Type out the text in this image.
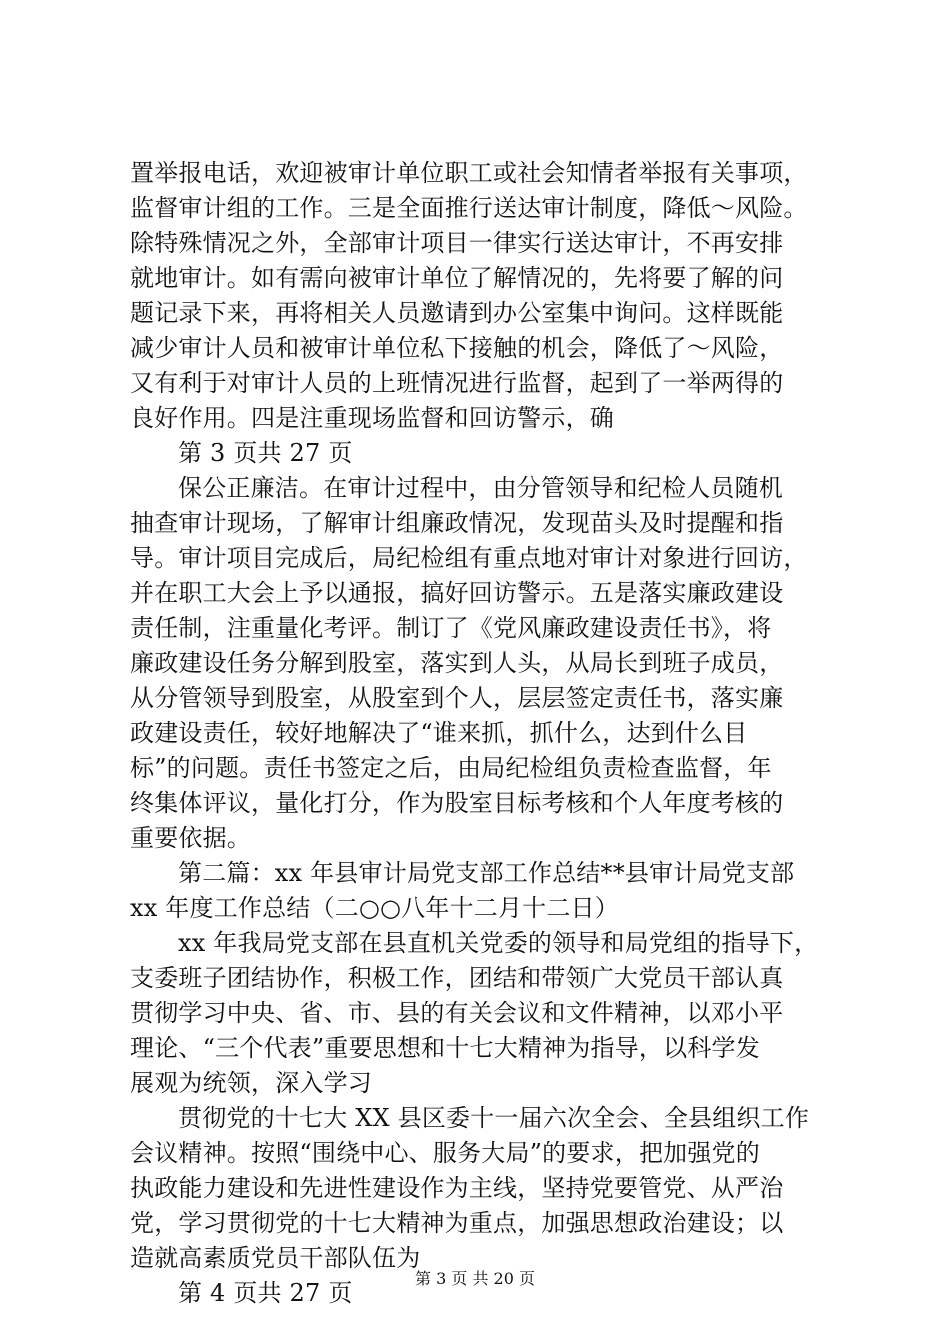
置举报电话，欢迎被审计单位职工或社会知情者举报有关事项，
监督审计组的工作。三是全面推行送达审计制度，降低～风险。
除特殊情况之外，全部审计项目一律实行送达审计，不再安排
就地审计。如有需向被审计单位了解情况的，先将要了解的问
题记录下来，再将相关人员邀请到办公室集中询问。这样既能
减少审计人员和被审计单位私下接触的机会，降低了～风险，
又有利于对审计人员的上班情况进行监督，起到了一举两得的
良好作用。四是注重现场监督和回访警示，确
第 3 页共 27 页
保公正廉洁。在审计过程中，由分管领导和纪检人员随机
抽查审计现场，了解审计组廉政情况，发现苗头及时提醒和指
导。审计项目完成后，局纪检组有重点地对审计对象进行回访，
并在职工大会上予以通报，搞好回访警示。五是落实廉政建设
责任制，注重量化考评。制订了《党风廉政建设责任书》，将
廉政建设任务分解到股室，落实到人头，从局长到班子成员，
从分管领导到股室，从股室到个人，层层签定责任书，落实廉
政建设责任，较好地解决了“谁来抓，抓什么，达到什么目
标”的问题。责任书签定之后，由局纪检组负责检查监督，年
终集体评议，量化打分，作为股室目标考核和个人年度考核的
重要依据。
第二篇：xx 年县审计局党支部工作总结**县审计局党支部
xx 年度工作总结（二○○八年十二月十二日）
xx 年我局党支部在县直机关党委的领导和局党组的指导下，
支委班子团结协作，积极工作，团结和带领广大党员干部认真
贯彻学习中央、省、市、县的有关会议和文件精神，以邓小平
理论、“三个代表”重要思想和十七大精神为指导，以科学发
展观为统领，深入学习
贯彻党的十七大 XX 县区委十一届六次全会、全县组织工作
会议精神。按照“围绕中心、服务大局”的要求，把加强党的
执政能力建设和先进性建设作为主线，坚持党要管党、从严治
党，学习贯彻党的十七大精神为重点，加强思想政治建设；以
造就高素质党员干部队伍为
第 4 页共 27 页
第 3 页 共 20 页
